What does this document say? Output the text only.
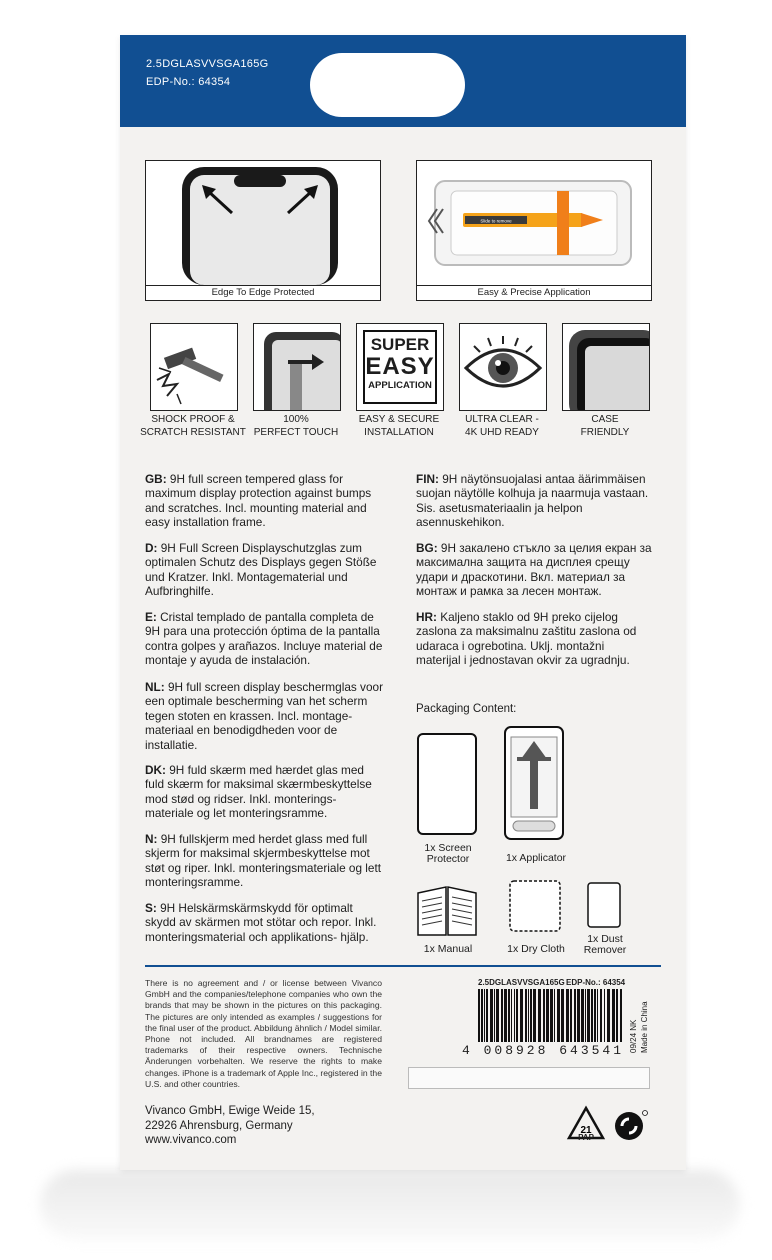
2.5DGLASVVSGA165G
EDP-No.: 64354
Edge To Edge Protected
Slide to remove
Easy & Precise Application
SUPER
EASY
APPLICATION
SHOCK PROOF &
SCRATCH RESISTANT
100%
PERFECT TOUCH
EASY & SECURE
INSTALLATION
ULTRA CLEAR -
4K UHD READY
CASE
FRIENDLY
GB: 9H full screen tempered glass for maximum display protection against bumps and scratches. Incl. mounting material and easy installation frame.
D: 9H Full Screen Displayschutzglas zum optimalen Schutz des Displays gegen Stöße und Kratzer. Inkl. Montagematerial und Aufbringhilfe.
E: Cristal templado de pantalla completa de 9H para una protección óptima de la pantalla contra golpes y arañazos. Incluye material de montaje y ayuda de instalación.
NL: 9H full screen display beschermglas voor een optimale bescherming van het scherm tegen stoten en krassen. Incl. montage- materiaal en benodigdheden voor de installatie.
DK: 9H fuld skærm med hærdet glas med fuld skærm for maksimal skærmbeskyttelse mod stød og ridser. Inkl. monterings- materiale og let monteringsramme.
N: 9H fullskjerm med herdet glass med full skjerm for maksimal skjermbeskyttelse mot støt og riper. Inkl. monteringsmateriale og lett monteringsramme.
S: 9H Helskärmskärmskydd för optimalt skydd av skärmen mot stötar och repor. Inkl. monteringsmaterial och applikations- hjälp.
FIN: 9H näytönsuojalasi antaa äärimmäisen suojan näytölle kolhuja ja naarmuja vastaan. Sis. asetusmateriaalin ja helpon asennuskehikon.
BG: 9H закалено стъкло за целия екран за максимална защита на дисплея срещу удари и драскотини. Вкл. материал за монтаж и рамка за лесен монтаж.
HR: Kaljeno staklo od 9H preko cijelog zaslona za maksimalnu zaštitu zaslona od udaraca i ogrebotina. Uklj. montažni materijal i jednostavan okvir za ugradnju.
Packaging Content:
1x Screen
Protector	1x Applicator
1x Manual	1x Dry Cloth
1x Dust
Remover
There is no agreement and / or license between Vivanco GmbH and the companies/telephone companies who own the brands that may be shown in the pictures on this packaging. The pictures are only intended as examples / suggestions for the final user of the product. Abbildung ähnlich / Model similar. Phone not included. All brandnames are registered trademarks of their respective owners. Technische Änderungen vorbehalten. We reserve the rights to make changes. iPhone is a trademark of Apple Inc., registered in the U.S. and other countries.
Vivanco GmbH, Ewige Weide 15,
22926 Ahrensburg, Germany
www.vivanco.com
2.5DGLASVVSGA165G EDP-No.: 64354
4 008928 643541 09/24 NK Made in China
21
PAP
